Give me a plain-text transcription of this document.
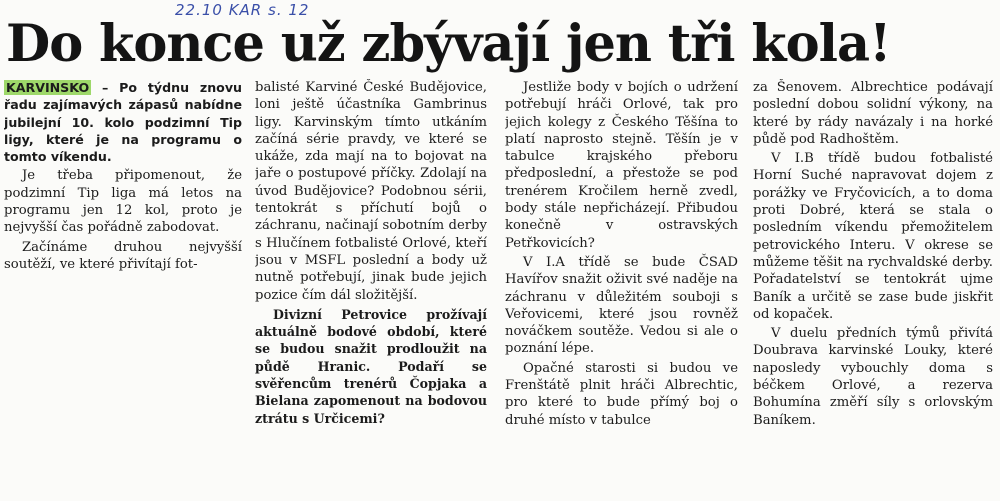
22.10 KAR s. 12
Do konce už zbývají jen tři kola!

KARVINSKO – Po týdnu znovu řadu zajímavých zápasů nabídne jubilejní 10. kolo podzimní Tip ligy, které je na programu o tomto víkendu.

Je třeba připomenout, že podzimní Tip liga má letos na programu jen 12 kol, proto je nejvyšší čas pořádně zabodovat.

Začínáme druhou nejvyšší soutěží, ve které přivítají fot-

balisté Karviné České Budějovice, loni ještě účastníka Gambrinus ligy. Karvinským tímto utkáním začíná série pravdy, ve které se ukáže, zda mají na to bojovat na jaře o postupové příčky. Zdolají na úvod Budějovice? Podobnou sérii, tentokrát s příchutí bojů o záchranu, načinají sobotním derby s Hlučínem fotbalisté Orlové, kteří jsou v MSFL poslední a body už nutně potřebují, jinak bude jejich pozice čím dál složitější.

Divizní Petrovice prožívají aktuálně bodové období, které se budou snažit prodloužit na půdě Hranic. Podaří se svěřencům trenérů Čopjaka a Bielana zapomenout na bodovou ztrátu s Určicemi?

Jestliže body v bojích o udržení potřebují hráči Orlové, tak pro jejich kolegy z Českého Těšína to platí naprosto stejně. Těšín je v tabulce krajského přeboru předposlední, a přestože se pod trenérem Kročilem herně zvedl, body stále nepřicházejí. Přibudou konečně v ostravských Petřkovicích?

V I.A třídě se bude ČSAD Havířov snažit oživit své naděje na záchranu v důležitém souboji s Veřovicemi, které jsou rovněž nováčkem soutěže. Vedou si ale o poznání lépe.

Opačné starosti si budou ve Frenštátě plnit hráči Albrechtic, pro které to bude přímý boj o druhé místo v tabulce

za Šenovem. Albrechtice podávají poslední dobou solidní výkony, na které by rády navázaly i na horké půdě pod Radhoštěm.

V I.B třídě budou fotbalisté Horní Suché napravovat dojem z porážky ve Fryčovicích, a to doma proti Dobré, která se stala o posledním víkendu přemožitelem petrovického Interu. V okrese se můžeme těšit na rychvaldské derby. Pořadatelství se tentokrát ujme Baník a určitě se zase bude jiskřit od kopaček.

V duelu předních týmů přivítá Doubrava karvinské Louky, které naposledy vybouchly doma s béčkem Orlové, a rezerva Bohumína změří síly s orlovským Baníkem.
